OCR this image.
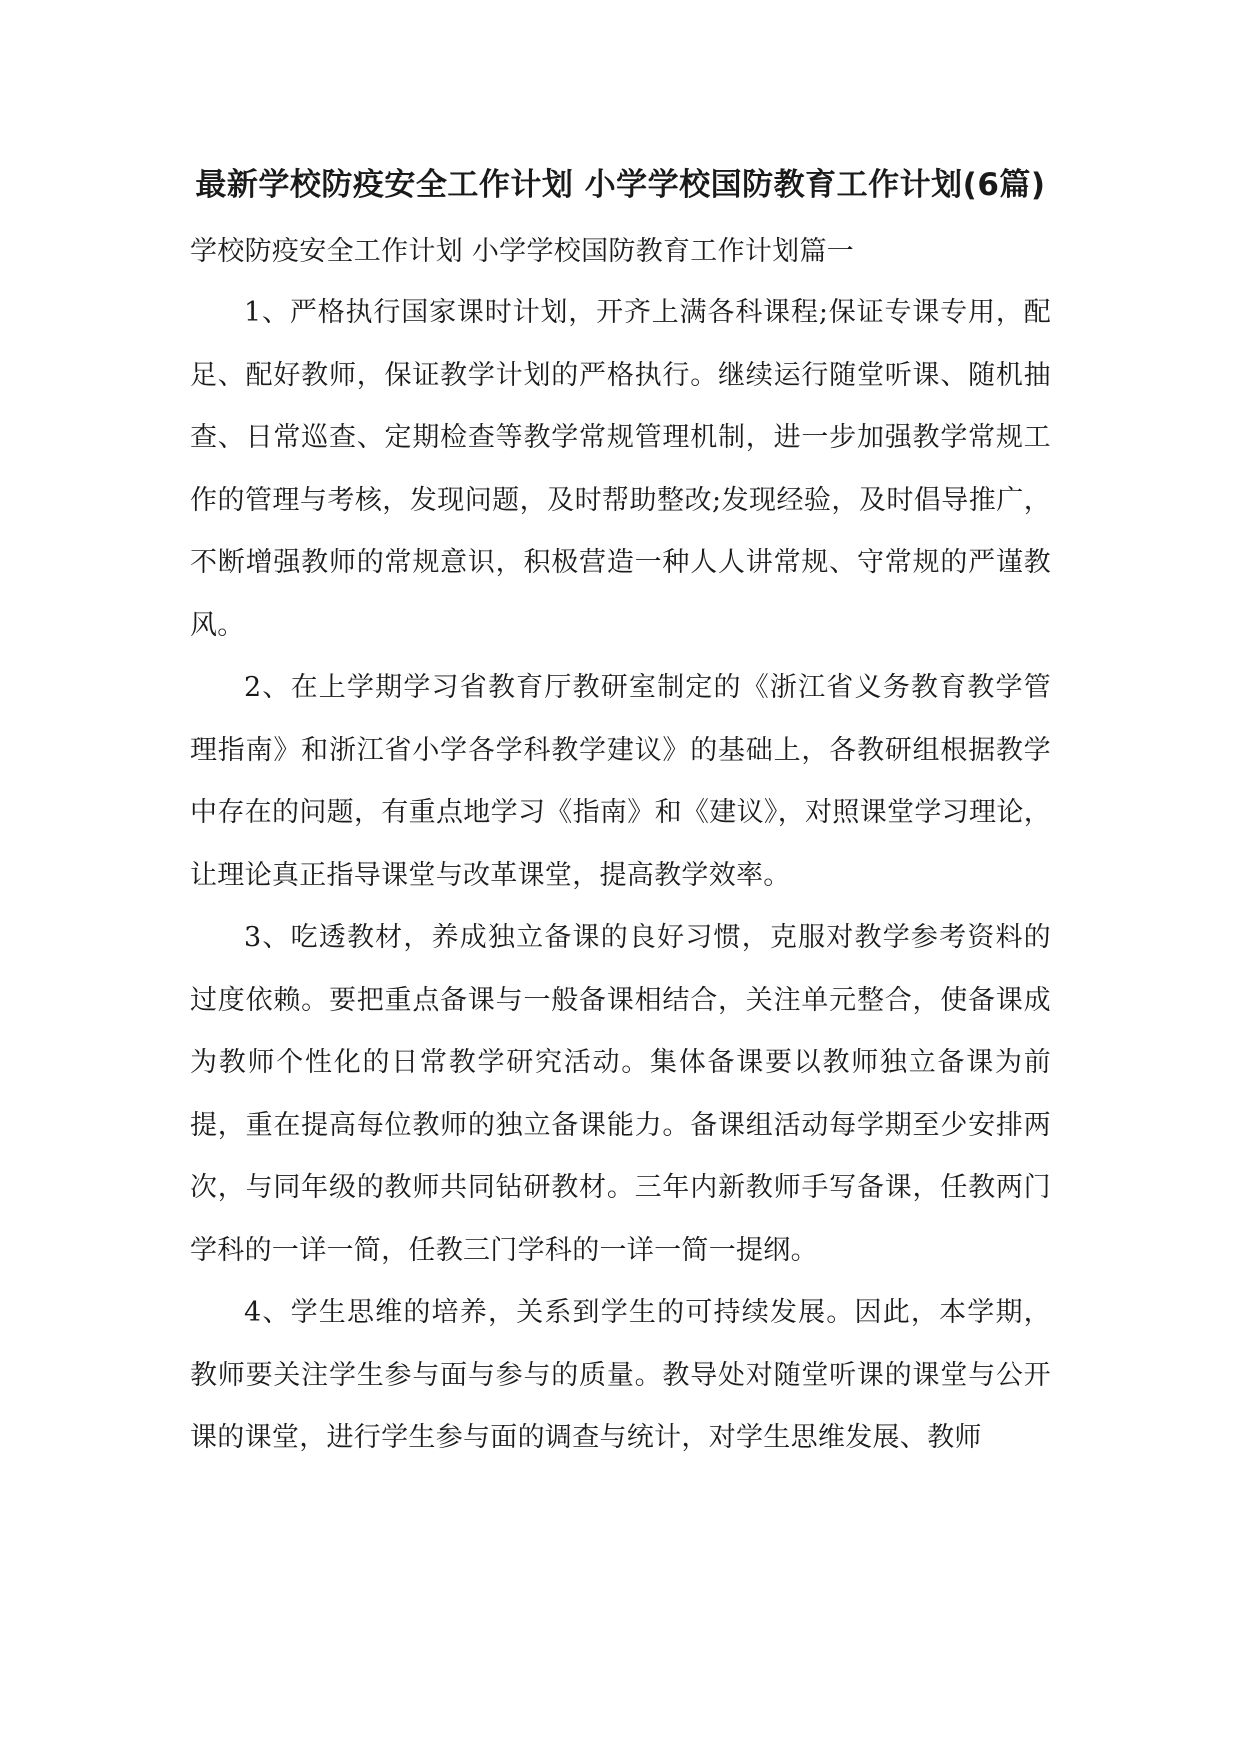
最新学校防疫安全工作计划 小学学校国防教育工作计划(6篇)

学校防疫安全工作计划 小学学校国防教育工作计划篇一

1、严格执行国家课时计划，开齐上满各科课程;保证专课专用，配足、配好教师，保证教学计划的严格执行。继续运行随堂听课、随机抽查、日常巡查、定期检查等教学常规管理机制，进一步加强教学常规工作的管理与考核，发现问题，及时帮助整改;发现经验，及时倡导推广，不断增强教师的常规意识，积极营造一种人人讲常规、守常规的严谨教风。

2、在上学期学习省教育厅教研室制定的《浙江省义务教育教学管理指南》和浙江省小学各学科教学建议》的基础上，各教研组根据教学中存在的问题，有重点地学习《指南》和《建议》，对照课堂学习理论，让理论真正指导课堂与改革课堂，提高教学效率。

3、吃透教材，养成独立备课的良好习惯，克服对教学参考资料的过度依赖。要把重点备课与一般备课相结合，关注单元整合，使备课成为教师个性化的日常教学研究活动。集体备课要以教师独立备课为前提，重在提高每位教师的独立备课能力。备课组活动每学期至少安排两次，与同年级的教师共同钻研教材。三年内新教师手写备课，任教两门学科的一详一简，任教三门学科的一详一简一提纲。

4、学生思维的培养，关系到学生的可持续发展。因此，本学期，教师要关注学生参与面与参与的质量。教导处对随堂听课的课堂与公开课的课堂，进行学生参与面的调查与统计，对学生思维发展、教师
